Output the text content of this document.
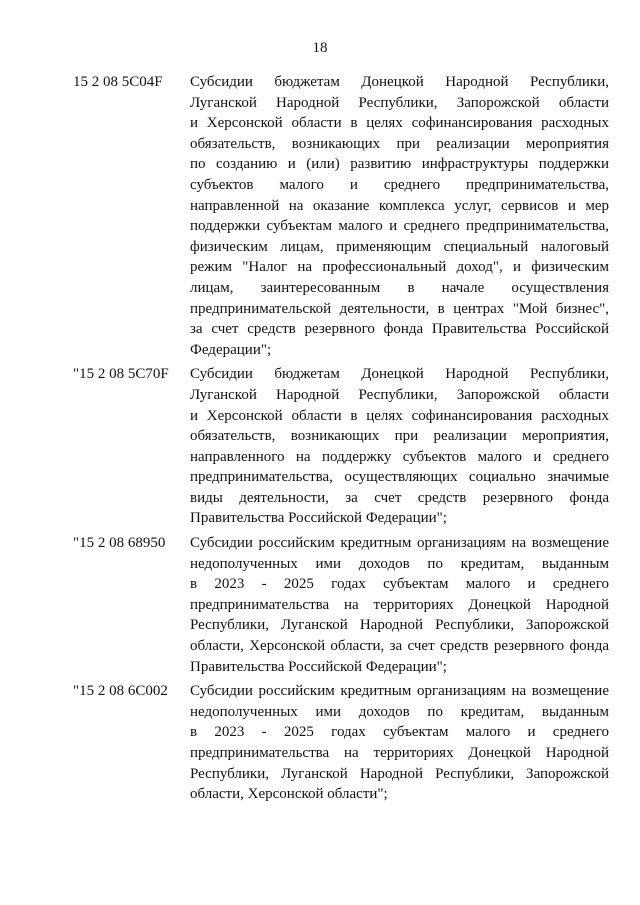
18
15 2 08 5C04F	Субсидии бюджетам Донецкой Народной Республики,
Луганской Народной Республики, Запорожской области
и Херсонской области в целях софинансирования расходных
обязательств, возникающих при реализации мероприятия
по созданию и (или) развитию инфраструктуры поддержки
субъектов малого и среднего предпринимательства,
направленной на оказание комплекса услуг, сервисов и мер
поддержки субъектам малого и среднего предпринимательства,
физическим лицам, применяющим специальный налоговый
режим "Налог на профессиональный доход", и физическим
лицам, заинтересованным в начале осуществления
предпринимательской деятельности, в центрах "Мой бизнес",
за счет средств резервного фонда Правительства Российской
Федерации";
"15 2 08 5C70F	Субсидии бюджетам Донецкой Народной Республики,
Луганской Народной Республики, Запорожской области
и Херсонской области в целях софинансирования расходных
обязательств, возникающих при реализации мероприятия,
направленного на поддержку субъектов малого и среднего
предпринимательства, осуществляющих социально значимые
виды деятельности, за счет средств резервного фонда
Правительства Российской Федерации";
"15 2 08 68950	Субсидии российским кредитным организациям на возмещение
недополученных ими доходов по кредитам, выданным
в 2023 - 2025 годах субъектам малого и среднего
предпринимательства на территориях Донецкой Народной
Республики, Луганской Народной Республики, Запорожской
области, Херсонской области, за счет средств резервного фонда
Правительства Российской Федерации";
"15 2 08 6C002	Субсидии российским кредитным организациям на возмещение
недополученных ими доходов по кредитам, выданным
в 2023 - 2025 годах субъектам малого и среднего
предпринимательства на территориях Донецкой Народной
Республики, Луганской Народной Республики, Запорожской
области, Херсонской области";
